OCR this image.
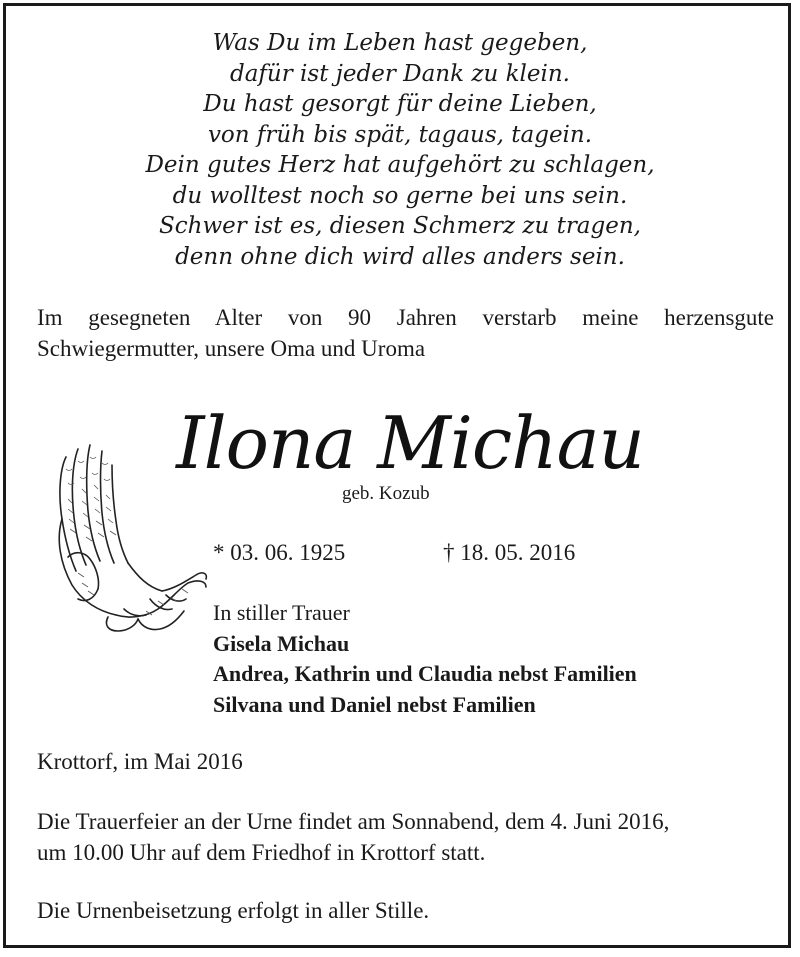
Was Du im Leben hast gegeben,
dafür ist jeder Dank zu klein.
Du hast gesorgt für deine Lieben,
von früh bis spät, tagaus, tagein.
Dein gutes Herz hat aufgehört zu schlagen,
du wolltest noch so gerne bei uns sein.
Schwer ist es, diesen Schmerz zu tragen,
denn ohne dich wird alles anders sein.
Im gesegneten Alter von 90 Jahren verstarb meine herzensgute Schwiegermutter, unsere Oma und Uroma
Ilona Michau
geb. Kozub
* 03. 06. 1925	† 18. 05. 2016
In stiller Trauer
Gisela Michau
Andrea, Kathrin und Claudia nebst Familien
Silvana und Daniel nebst Familien
Krottorf, im Mai 2016
Die Trauerfeier an der Urne findet am Sonnabend, dem 4. Juni 2016,
um 10.00 Uhr auf dem Friedhof in Krottorf statt.
Die Urnenbeisetzung erfolgt in aller Stille.
